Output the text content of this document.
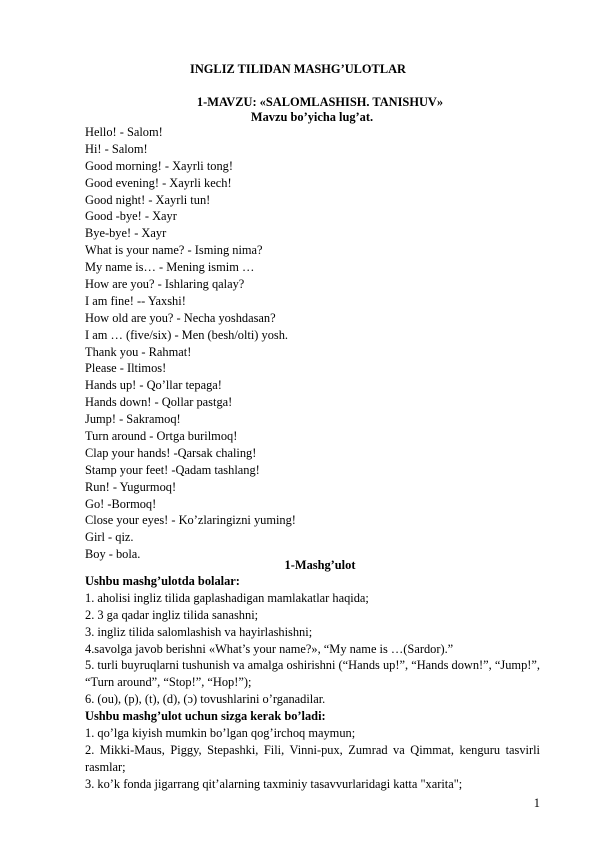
INGLIZ TILIDAN MASHG’ULOTLAR
1-MAVZU: «SALOMLASHISH. TANISHUV»
Mavzu bo’yicha lug’at.
Hello! - Salom!
Hi! - Salom!
Good morning! - Xayrli tong!
Good evening! - Xayrli kech!
Good night! - Xayrli tun!
Good -bye! - Xayr
Bye-bye! - Xayr
What is your name? - Isming nima?
My name is… - Mening ismim …
How are you? - Ishlaring qalay?
I am fine! -- Yaxshi!
How old are you? - Necha yoshdasan?
I am … (five/six) - Men (besh/olti) yosh.
Thank you - Rahmat!
Please - Iltimos!
Hands up! - Qo’llar tepaga!
Hands down! - Qollar pastga!
Jump! - Sakramoq!
Turn around - Ortga burilmoq!
Clap your hands! -Qarsak chaling!
Stamp your feet! -Qadam tashlang!
Run! - Yugurmoq!
Go! -Bormoq!
Close your eyes! - Ko’zlaringizni yuming!
Girl - qiz.
Boy - bola.
1-Mashg’ulot
Ushbu mashg’ulotda bolalar:
1. aholisi ingliz tilida gaplashadigan mamlakatlar haqida;
2. 3 ga qadar ingliz tilida sanashni;
3. ingliz tilida salomlashish va hayirlashishni;
4.savolga javob berishni «What’s your name?», “My name is …(Sardor).”
5. turli buyruqlarni tushunish va amalga oshirishni (“Hands up!”, “Hands down!”, “Jump!”, “Turn around”, “Stop!”, “Hop!”);
6. (ou), (p), (t), (d), (ɔ) tovushlarini o’rganadilar.
Ushbu mashg’ulot uchun sizga kerak bo’ladi:
1. qo’lga kiyish mumkin bo’lgan qog’irchoq maymun;
2. Mikki-Maus, Piggy, Stepashki, Fili, Vinni-pux, Zumrad va Qimmat, kenguru tasvirli rasmlar;
3. ko’k fonda jigarrang qit’alarning taxminiy tasavvurlaridagi katta "xarita";
1
